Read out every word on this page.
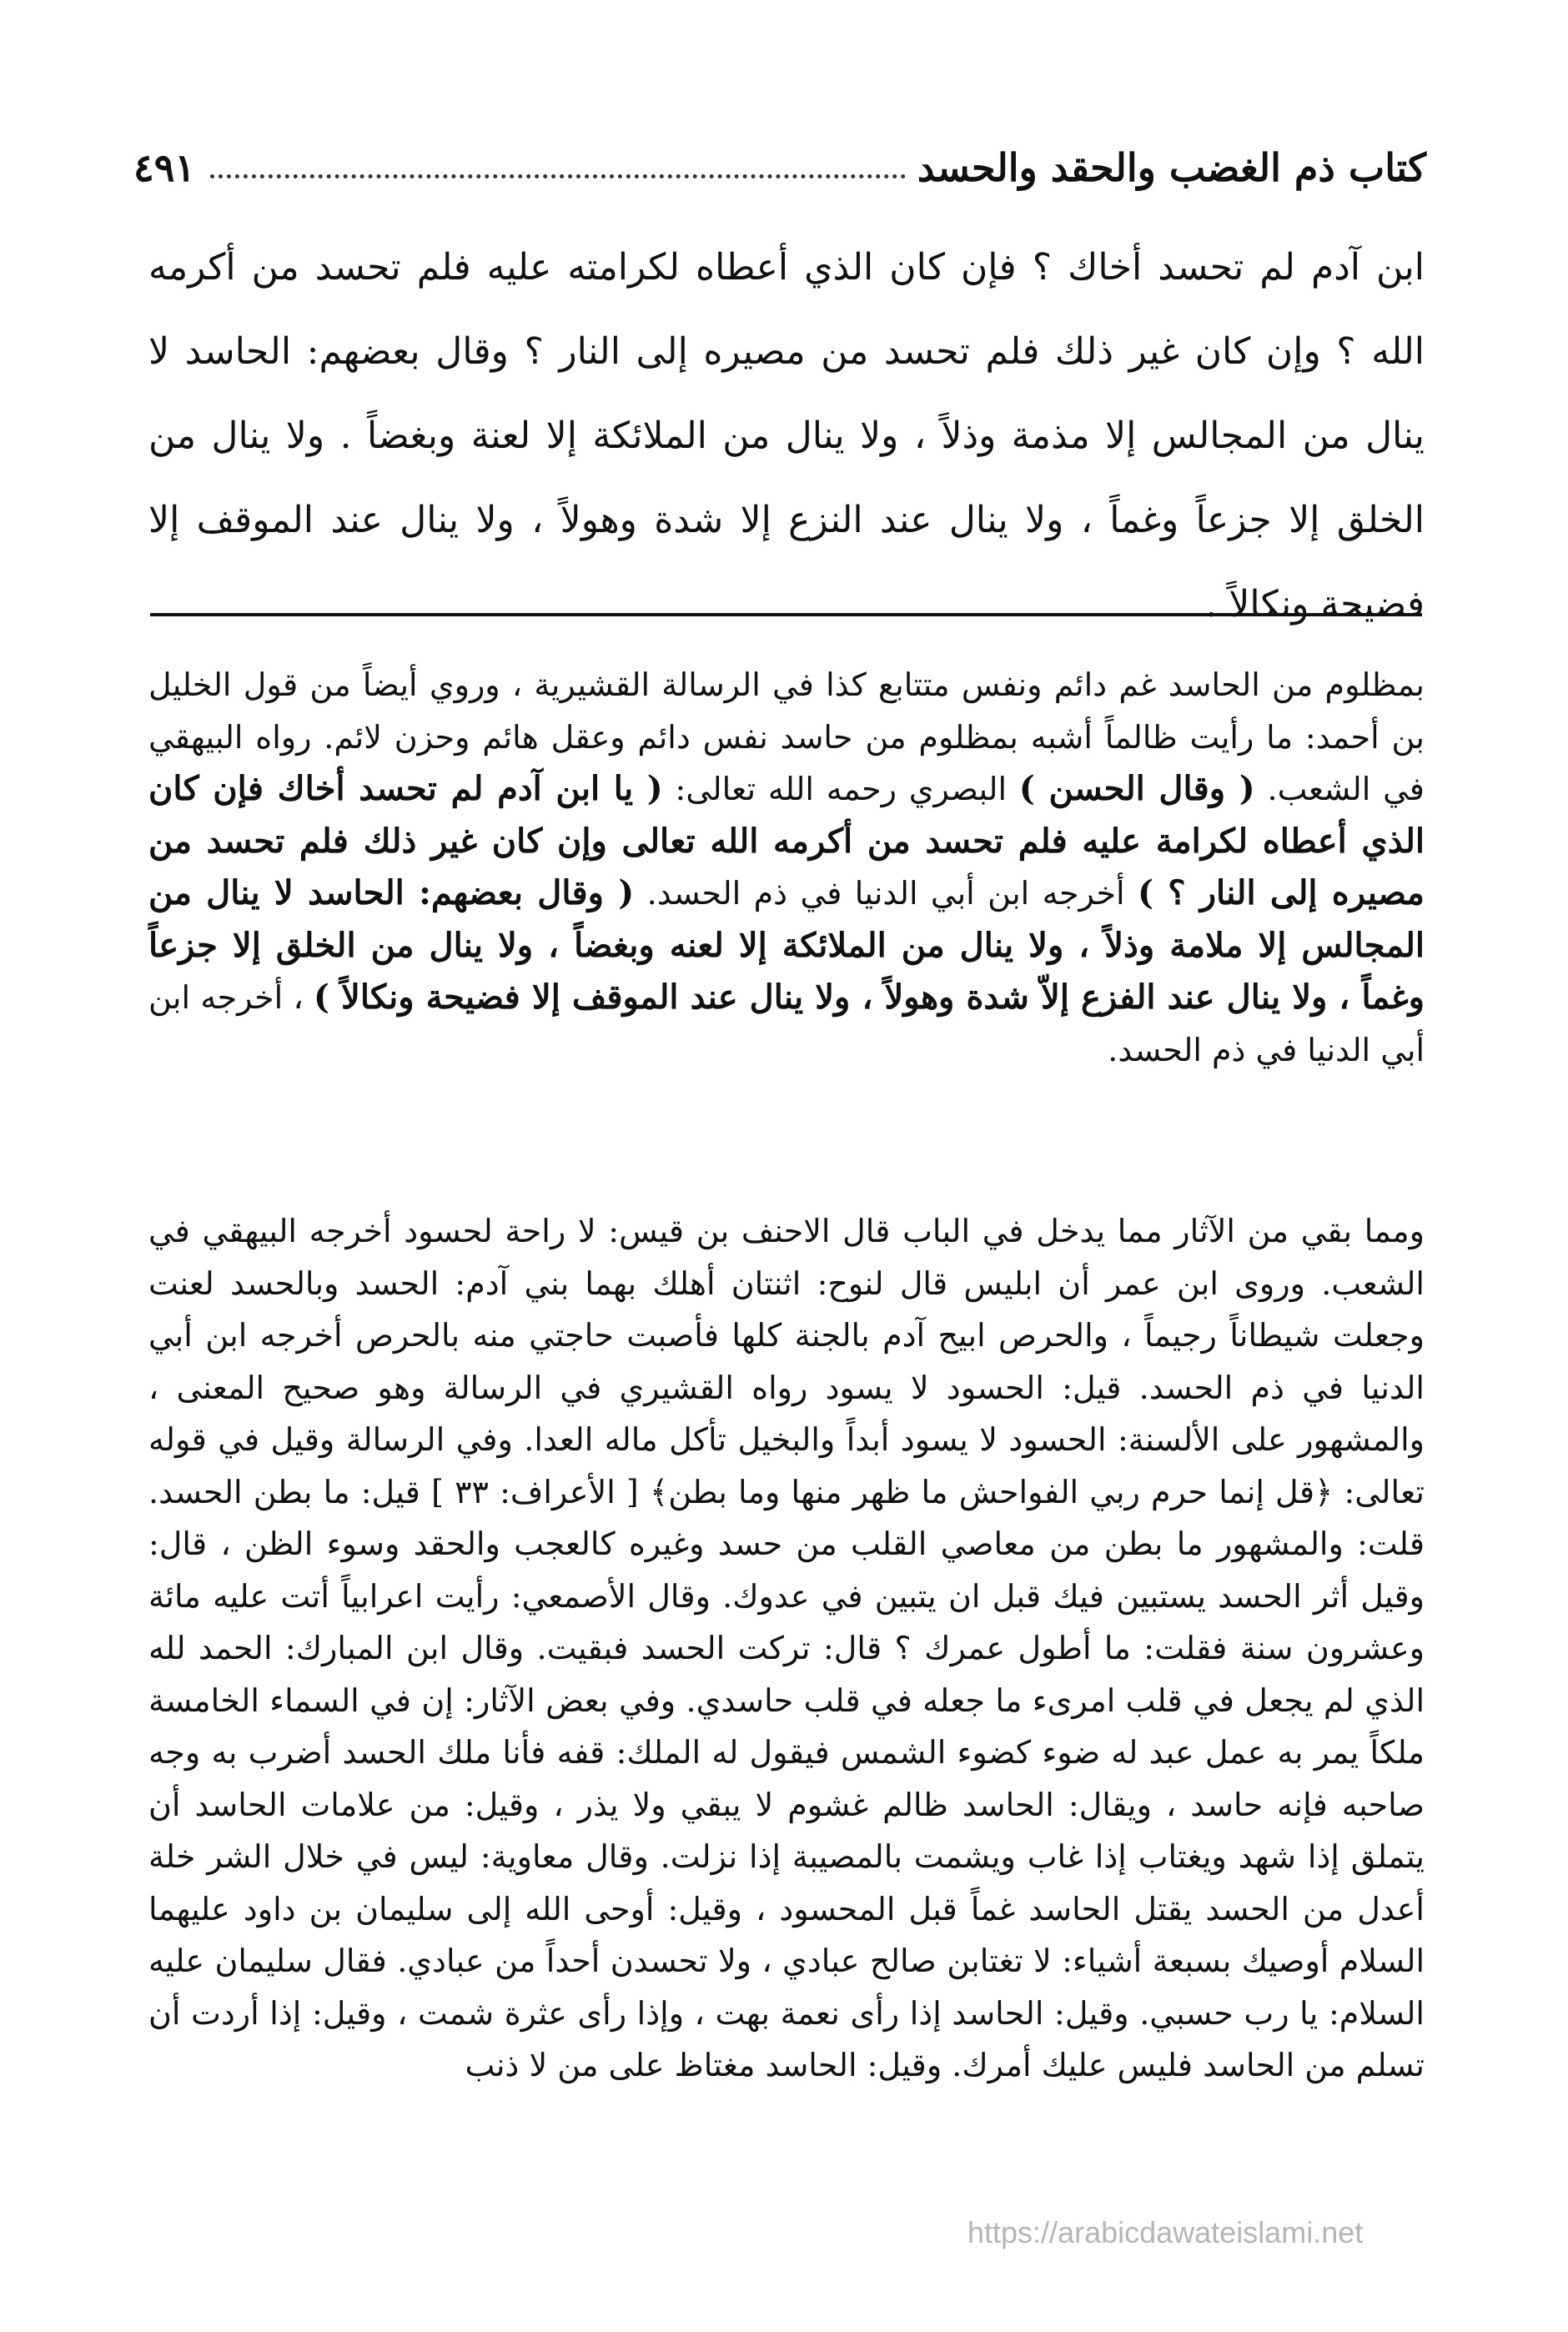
كتاب ذم الغضب والحقد والحسد
٤٩١

ابن آدم لم تحسد أخاك ؟ فإن كان الذي أعطاه لكرامته عليه فلم تحسد من أكرمه الله ؟ وإن كان غير ذلك فلم تحسد من مصيره إلى النار ؟ وقال بعضهم: الحاسد لا ينال من المجالس إلا مذمة وذلاً ، ولا ينال من الملائكة إلا لعنة وبغضاً . ولا ينال من الخلق إلا جزعاً وغماً ، ولا ينال عند النزع إلا شدة وهولاً ، ولا ينال عند الموقف إلا فضيحة ونكالاً .

بمظلوم من الحاسد غم دائم ونفس متتابع كذا في الرسالة القشيرية ، وروي أيضاً من قول الخليل بن أحمد: ما رأيت ظالماً أشبه بمظلوم من حاسد نفس دائم وعقل هائم وحزن لائم. رواه البيهقي في الشعب. ( وقال الحسن ) البصري رحمه الله تعالى: ( يا ابن آدم لم تحسد أخاك فإن كان الذي أعطاه لكرامة عليه فلم تحسد من أكرمه الله تعالى وإن كان غير ذلك فلم تحسد من مصيره إلى النار ؟ ) أخرجه ابن أبي الدنيا في ذم الحسد. ( وقال بعضهم: الحاسد لا ينال من المجالس إلا ملامة وذلاً ، ولا ينال من الملائكة إلا لعنه وبغضاً ، ولا ينال من الخلق إلا جزعاً وغماً ، ولا ينال عند الفزع إلاّ شدة وهولاً ، ولا ينال عند الموقف إلا فضيحة ونكالاً ) ، أخرجه ابن أبي الدنيا في ذم الحسد.

ومما بقي من الآثار مما يدخل في الباب قال الاحنف بن قيس: لا راحة لحسود أخرجه البيهقي في الشعب. وروى ابن عمر أن ابليس قال لنوح: اثنتان أهلك بهما بني آدم: الحسد وبالحسد لعنت وجعلت شيطاناً رجيماً ، والحرص ابيح آدم بالجنة كلها فأصبت حاجتي منه بالحرص أخرجه ابن أبي الدنيا في ذم الحسد. قيل: الحسود لا يسود رواه القشيري في الرسالة وهو صحيح المعنى ، والمشهور على الألسنة: الحسود لا يسود أبداً والبخيل تأكل ماله العدا. وفي الرسالة وقيل في قوله تعالى: ﴿قل إنما حرم ربي الفواحش ما ظهر منها وما بطن﴾ [ الأعراف: ٣٣ ] قيل: ما بطن الحسد. قلت: والمشهور ما بطن من معاصي القلب من حسد وغيره كالعجب والحقد وسوء الظن ، قال: وقيل أثر الحسد يستبين فيك قبل ان يتبين في عدوك. وقال الأصمعي: رأيت اعرابياً أتت عليه مائة وعشرون سنة فقلت: ما أطول عمرك ؟ قال: تركت الحسد فبقيت. وقال ابن المبارك: الحمد لله الذي لم يجعل في قلب امرىء ما جعله في قلب حاسدي. وفي بعض الآثار: إن في السماء الخامسة ملكاً يمر به عمل عبد له ضوء كضوء الشمس فيقول له الملك: قفه فأنا ملك الحسد أضرب به وجه صاحبه فإنه حاسد ، ويقال: الحاسد ظالم غشوم لا يبقي ولا يذر ، وقيل: من علامات الحاسد أن يتملق إذا شهد ويغتاب إذا غاب ويشمت بالمصيبة إذا نزلت. وقال معاوية: ليس في خلال الشر خلة أعدل من الحسد يقتل الحاسد غماً قبل المحسود ، وقيل: أوحى الله إلى سليمان بن داود عليهما السلام أوصيك بسبعة أشياء: لا تغتابن صالح عبادي ، ولا تحسدن أحداً من عبادي. فقال سليمان عليه السلام: يا رب حسبي. وقيل: الحاسد إذا رأى نعمة بهت ، وإذا رأى عثرة شمت ، وقيل: إذا أردت أن تسلم من الحاسد فليس عليك أمرك. وقيل: الحاسد مغتاظ على من لا ذنب

https://arabicdawateislami.net
